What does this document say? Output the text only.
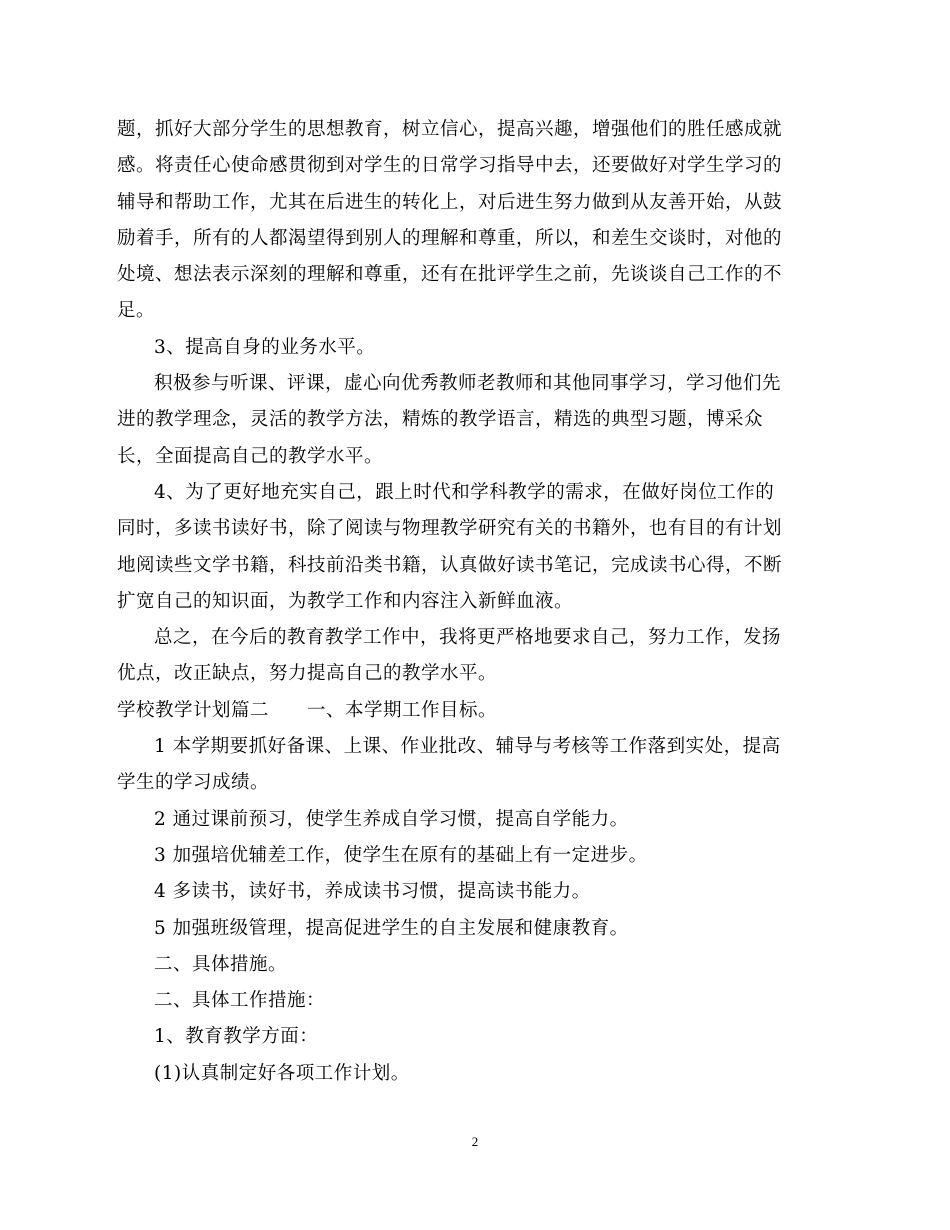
题，抓好大部分学生的思想教育，树立信心，提高兴趣，增强他们的胜任感成就
感。将责任心使命感贯彻到对学生的日常学习指导中去，还要做好对学生学习的
辅导和帮助工作，尤其在后进生的转化上，对后进生努力做到从友善开始，从鼓
励着手，所有的人都渴望得到别人的理解和尊重，所以，和差生交谈时，对他的
处境、想法表示深刻的理解和尊重，还有在批评学生之前，先谈谈自己工作的不
足。
3、提高自身的业务水平。
积极参与听课、评课，虚心向优秀教师老教师和其他同事学习，学习他们先
进的教学理念，灵活的教学方法，精炼的教学语言，精选的典型习题，博采众
长，全面提高自己的教学水平。
4、为了更好地充实自己，跟上时代和学科教学的需求，在做好岗位工作的
同时，多读书读好书，除了阅读与物理教学研究有关的书籍外，也有目的有计划
地阅读些文学书籍，科技前沿类书籍，认真做好读书笔记，完成读书心得，不断
扩宽自己的知识面，为教学工作和内容注入新鲜血液。
总之，在今后的教育教学工作中，我将更严格地要求自己，努力工作，发扬
优点，改正缺点，努力提高自己的教学水平。
学校教学计划篇二　　一、本学期工作目标。
1 本学期要抓好备课、上课、作业批改、辅导与考核等工作落到实处，提高
学生的学习成绩。
2 通过课前预习，使学生养成自学习惯，提高自学能力。
3 加强培优辅差工作，使学生在原有的基础上有一定进步。
4 多读书，读好书，养成读书习惯，提高读书能力。
5 加强班级管理，提高促进学生的自主发展和健康教育。
二、具体措施。
二、具体工作措施：
1、教育教学方面：
(1)认真制定好各项工作计划。
2
